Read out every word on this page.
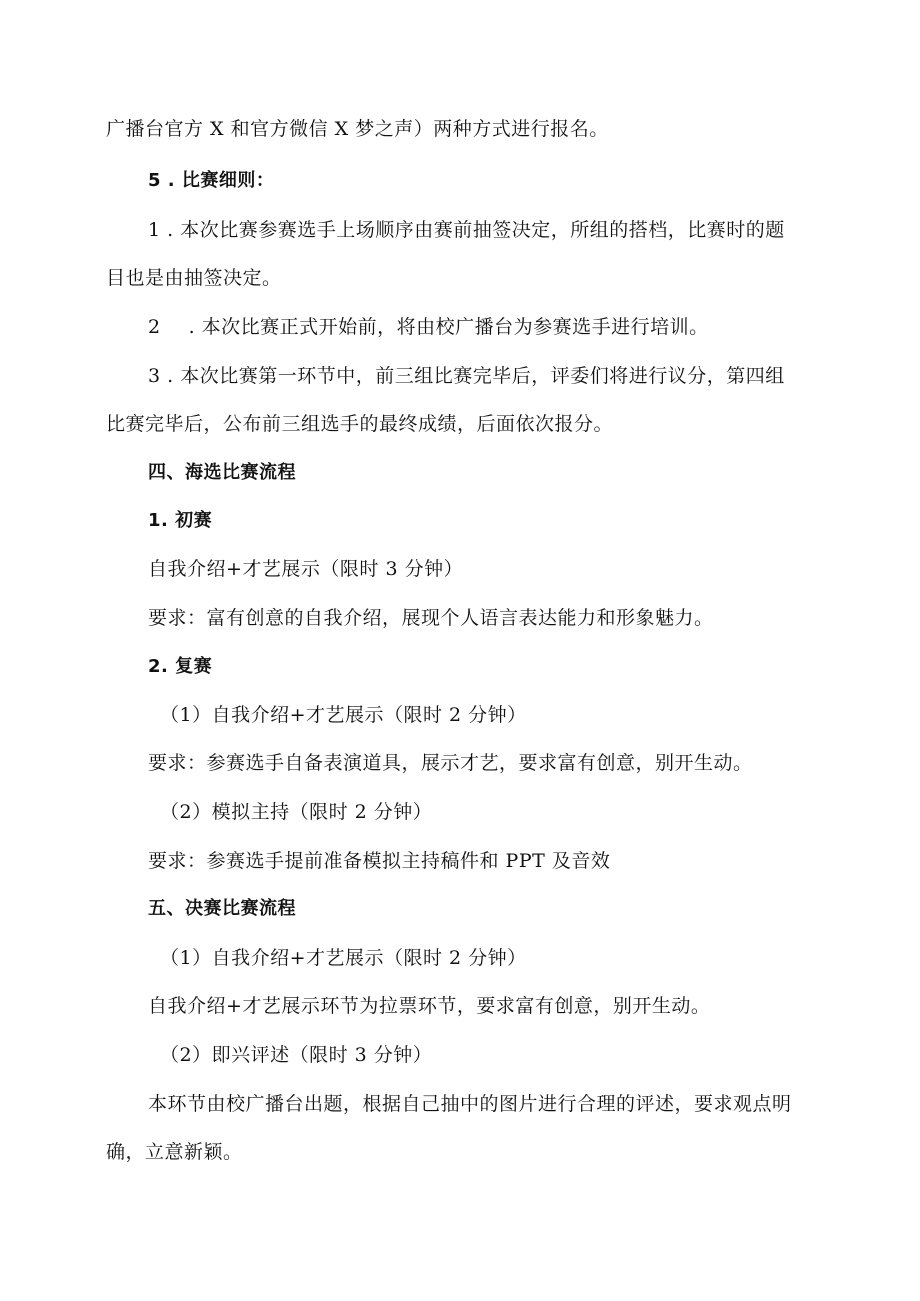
广播台官方 X 和官方微信 X 梦之声）两种方式进行报名。
5 . 比赛细则：
1 . 本次比赛参赛选手上场顺序由赛前抽签决定，所组的搭档，比赛时的题
目也是由抽签决定。
2 . 本次比赛正式开始前，将由校广播台为参赛选手进行培训。
3 . 本次比赛第一环节中，前三组比赛完毕后，评委们将进行议分，第四组
比赛完毕后，公布前三组选手的最终成绩，后面依次报分。
四、海选比赛流程
1. 初赛
自我介绍+才艺展示（限时 3 分钟）
要求：富有创意的自我介绍，展现个人语言表达能力和形象魅力。
2. 复赛
（1）自我介绍+才艺展示（限时 2 分钟）
要求：参赛选手自备表演道具，展示才艺，要求富有创意，别开生动。
（2）模拟主持（限时 2 分钟）
要求：参赛选手提前准备模拟主持稿件和 PPT 及音效
五、决赛比赛流程
（1）自我介绍+才艺展示（限时 2 分钟）
自我介绍+才艺展示环节为拉票环节，要求富有创意，别开生动。
（2）即兴评述（限时 3 分钟）
本环节由校广播台出题，根据自己抽中的图片进行合理的评述，要求观点明
确，立意新颖。
